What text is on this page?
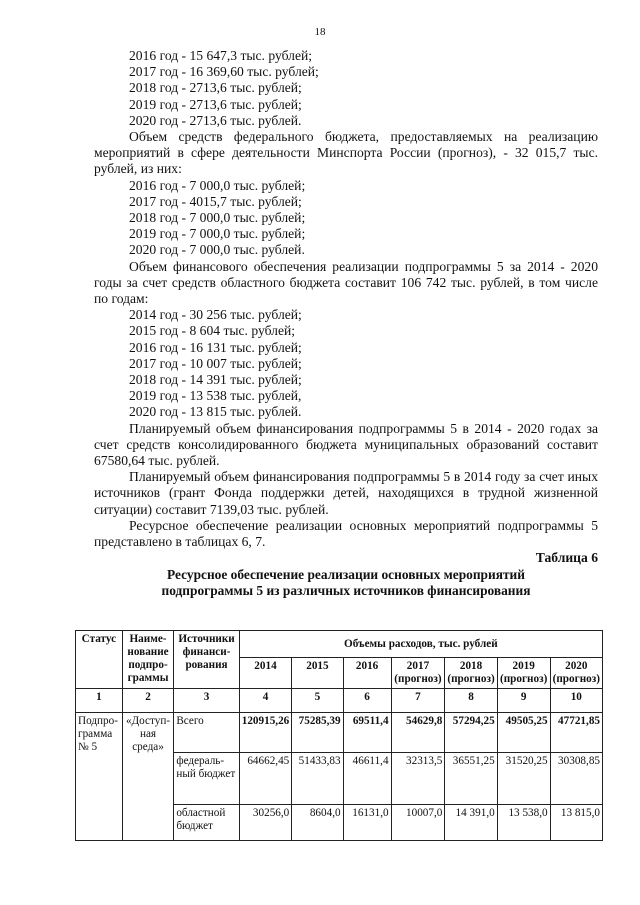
18

2016 год - 15 647,3 тыс. рублей;

2017 год - 16 369,60 тыс. рублей;

2018 год - 2713,6 тыс. рублей;

2019 год - 2713,6 тыс. рублей;

2020 год - 2713,6 тыс. рублей.

Объем средств федерального бюджета, предоставляемых на реализацию мероприятий в сфере деятельности Минспорта России (прогноз), - 32 015,7 тыс. рублей, из них:

2016 год - 7 000,0 тыс. рублей;

2017 год - 4015,7 тыс. рублей;

2018 год - 7 000,0 тыс. рублей;

2019 год - 7 000,0 тыс. рублей;

2020 год - 7 000,0 тыс. рублей.

Объем финансового обеспечения реализации подпрограммы 5 за 2014 - 2020 годы за счет средств областного бюджета составит 106 742 тыс. рублей, в том числе по годам:

2014 год - 30 256 тыс. рублей;

2015 год - 8 604 тыс. рублей;

2016 год - 16 131 тыс. рублей;

2017 год - 10 007 тыс. рублей;

2018 год - 14 391 тыс. рублей;

2019 год - 13 538 тыс. рублей,

2020 год - 13 815 тыс. рублей.

Планируемый объем финансирования подпрограммы 5 в 2014 - 2020 годах за счет средств консолидированного бюджета муниципальных образований составит 67580,64 тыс. рублей.

Планируемый объем финансирования подпрограммы 5 в 2014 году за счет иных источников (грант Фонда поддержки детей, находящихся в трудной жизненной ситуации) составит 7139,03 тыс. рублей.

Ресурсное обеспечение реализации основных мероприятий подпрограммы 5 представлено в таблицах 6, 7.

Таблица 6

Ресурсное обеспечение реализации основных мероприятий
подпрограммы 5 из различных источников финансирования

Статус	Наиме-нование подпро-граммы	Источники финанси-рования	Объемы расходов, тыс. рублей						
			2014	2015	2016	2017 (прогноз)	2018 (прогноз)	2019 (прогноз)	2020 (прогноз)
1	2	3	4	5	6	7	8	9	10
Подпро-грамма № 5	«Доступ-ная среда»	Всего	120915,26	75285,39	69511,4	54629,8	57294,25	49505,25	47721,85
		федераль-ный бюджет	64662,45	51433,83	46611,4	32313,5	36551,25	31520,25	30308,85
		областной бюджет	30256,0	8604,0	16131,0	10007,0	14 391,0	13 538,0	13 815,0
